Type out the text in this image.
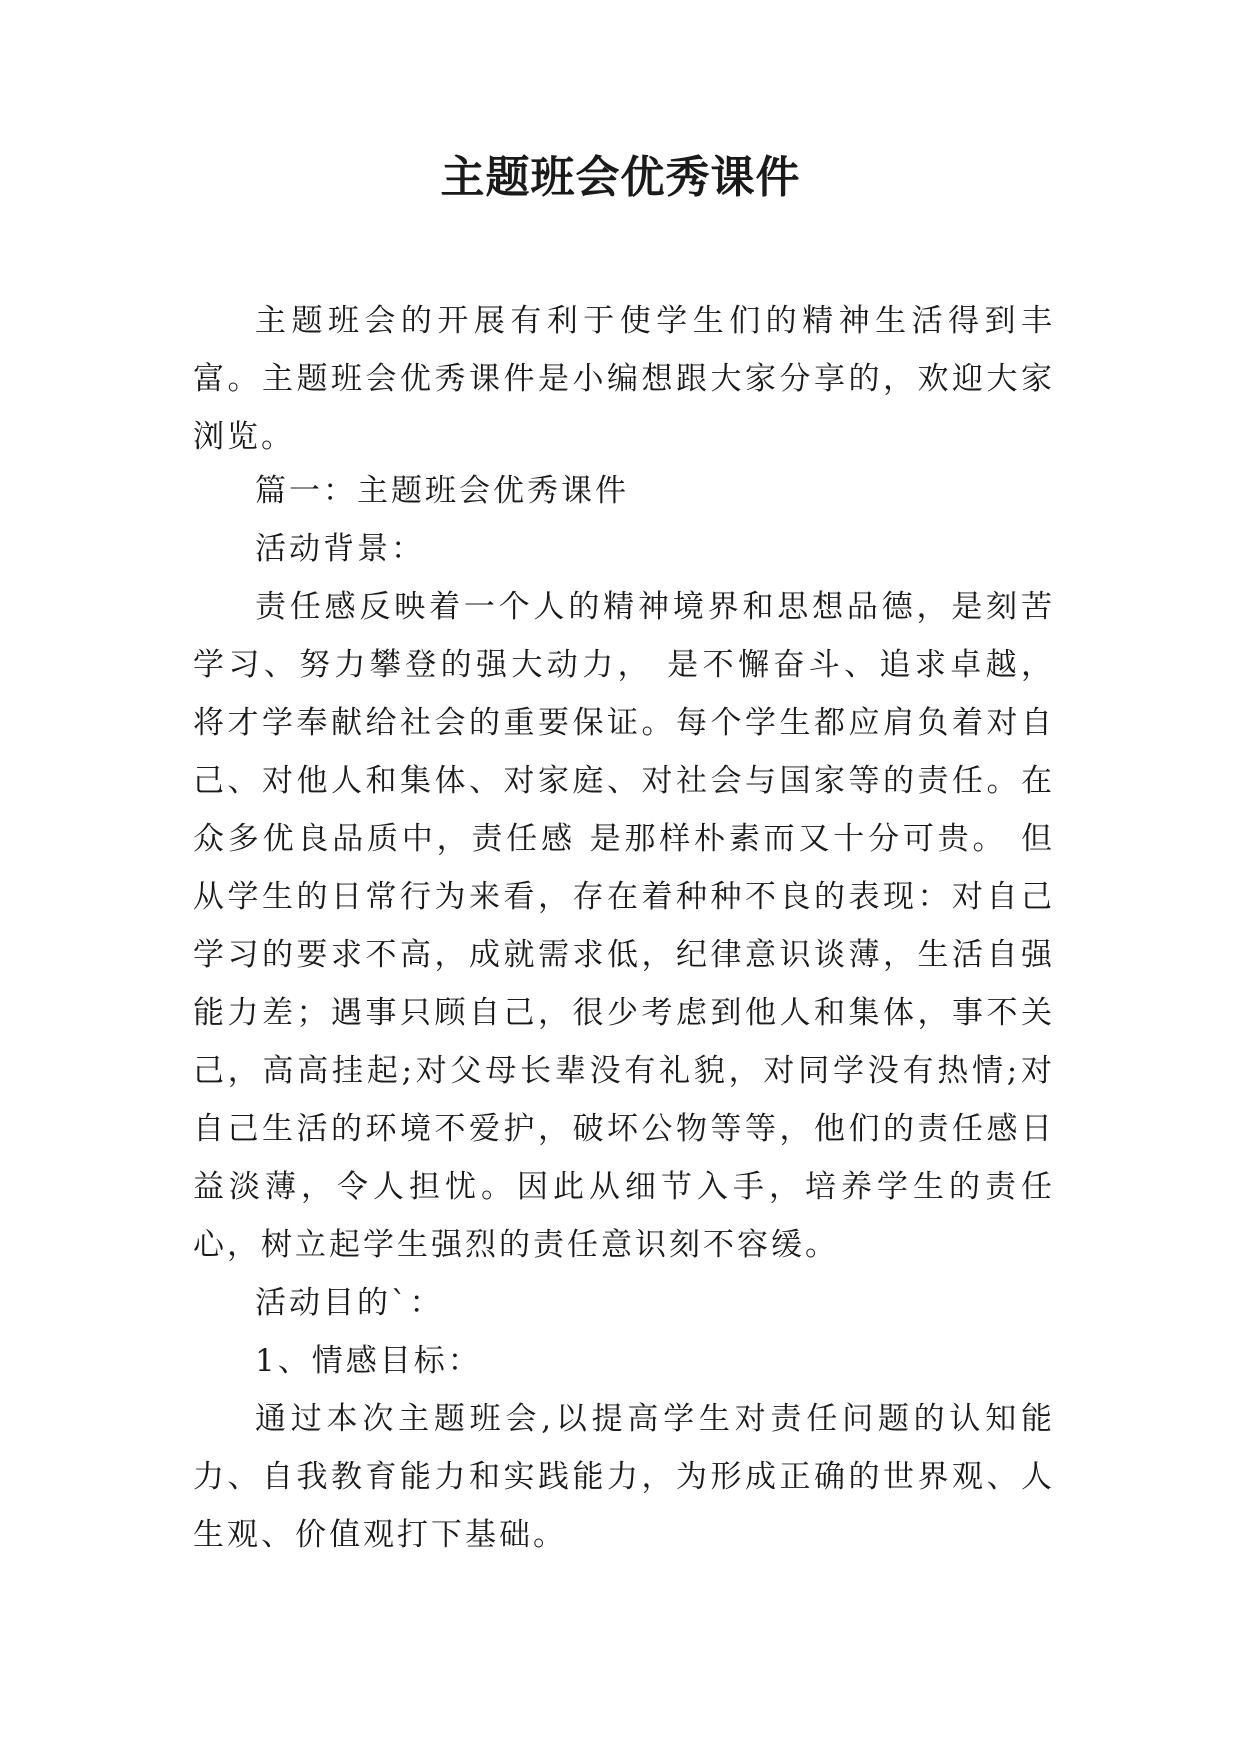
主题班会优秀课件

主题班会的开展有利于使学生们的精神生活得到丰富。主题班会优秀课件是小编想跟大家分享的，欢迎大家浏览。

篇一：主题班会优秀课件

活动背景：

责任感反映着一个人的精神境界和思想品德，是刻苦学习、努力攀登的强大动力， 是不懈奋斗、追求卓越，将才学奉献给社会的重要保证。每个学生都应肩负着对自己、对他人和集体、对家庭、对社会与国家等的责任。在众多优良品质中，责任感 是那样朴素而又十分可贵。 但从学生的日常行为来看，存在着种种不良的表现：对自己学习的要求不高，成就需求低，纪律意识谈薄，生活自强能力差；遇事只顾自己，很少考虑到他人和集体，事不关己，高高挂起;对父母长辈没有礼貌，对同学没有热情;对自己生活的环境不爱护，破坏公物等等，他们的责任感日 益淡薄，令人担忧。因此从细节入手，培养学生的责任心，树立起学生强烈的责任意识刻不容缓。

活动目的`：

1、情感目标：

通过本次主题班会,以提高学生对责任问题的认知能力、自我教育能力和实践能力，为形成正确的世界观、人生观、价值观打下基础。
